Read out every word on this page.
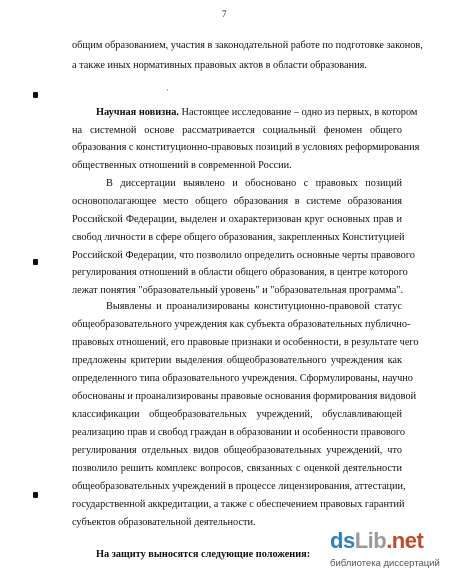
7
общим образованием, участия в законодательной работе по подготовке законов,
а также иных нормативных правовых актов в области образования.
·
Научная новизна. Настоящее исследование – одно из первых, в котором
на системной основе рассматривается социальный феномен общего
образования с конституционно-правовых позиций в условиях реформирования
общественных отношений в современной России.
В диссертации выявлено и обосновано с правовых позиций
основополагающее место общего образования в системе образования
Российской Федерации, выделен и охарактеризован круг основных прав и
свобод личности в сфере общего образования, закрепленных Конституцией
Российской Федерации, что позволило определить основные черты правового
регулирования отношений в области общего образования, в центре которого
лежат понятия "образовательный уровень" и "образовательная программа".
Выявлены и проанализированы конституционно-правовой статус
общеобразовательного учреждения как субъекта образовательных публично-
правовых отношений, его правовые признаки и особенности, в результате чего
предложены критерии выделения общеобразовательного учреждения как
определенного типа образовательного учреждения. Сформулированы, научно
обоснованы и проанализированы правовые основания формирования видовой
классификации общеобразовательных учреждений, обуславливающей
реализацию прав и свобод граждан в образовании и особенности правового
регулирования отдельных видов общеобразовательных учреждений, что
позволило решить комплекс вопросов, связанных с оценкой деятельности
общеобразовательных учреждений в процессе лицензирования, аттестации,
государственной аккредитации, а также с обеспечением правовых гарантий
субъектов образовательной деятельности.
На защиту выносятся следующие положения:
dsLib.net
библиотека диссертаций
